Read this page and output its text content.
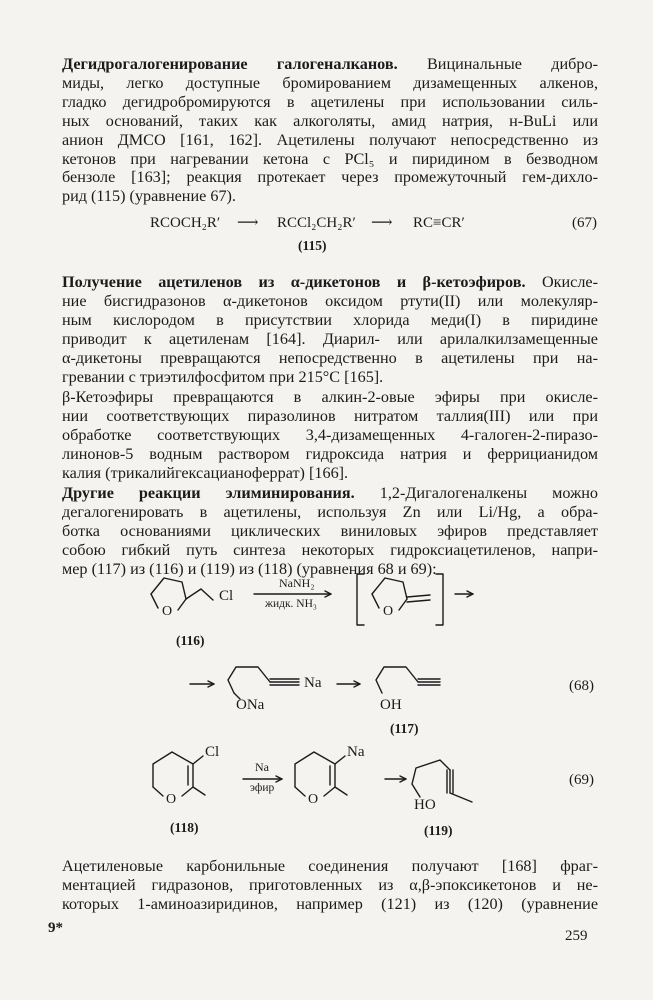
Дегидрогалогенирование галогеналканов. Вицинальные дибро-
миды, легко доступные бромированием дизамещенных алкенов,
гладко дегидробромируются в ацетилены при использовании силь-
ных оснований, таких как алкоголяты, амид натрия, н-BuLi или
анион ДМСО [161, 162]. Ацетилены получают непосредственно из
кетонов при нагревании кетона с PCl₅ и пиридином в безводном
бензоле [163]; реакция протекает через промежуточный гем-дихло-
рид (115) (уравнение 67).
RCOCH₂R′ ⟶ RCCl₂CH₂R′ ⟶ RC≡CR′
(115)
(67)
Получение ацетиленов из α-дикетонов и β-кетоэфиров. Окисле-
ние бисгидразонов α-дикетонов оксидом ртути(II) или молекуляр-
ным кислородом в присутствии хлорида меди(I) в пиридине
приводит к ацетиленам [164]. Диарил- или арилалкилзамещенные
α-дикетоны превращаются непосредственно в ацетилены при на-
гревании с триэтилфосфитом при 215°С [165].
β-Кетоэфиры превращаются в алкин-2-овые эфиры при окисле-
нии соответствующих пиразолинов нитратом таллия(III) или при
обработке соответствующих 3,4-дизамещенных 4-галоген-2-пиразо-
линонов-5 водным раствором гидроксида натрия и феррицианидом
калия (трикалийгексацианоферрат) [166].
Другие реакции элиминирования. 1,2-Дигалогеналкены можно
дегалогенировать в ацетилены, используя Zn или Li/Hg, а обра-
ботка основаниями циклических виниловых эфиров представляет
собою гибкий путь синтеза некоторых гидроксиацетиленов, напри-
мер (117) из (116) и (119) из (118) (уравнения 68 и 69):
Cl
O
NaNH₂
жидк. NH₃	O
(116)
Na
ONa	OH
(117)
(68)
Cl
O
Na
эфир
Na
O	HO
(118)	(119)
(69)
Ацетиленовые карбонильные соединения получают [168] фраг-
ментацией гидразонов, приготовленных из α,β-эпоксикетонов и не-
которых 1-аминоазиридинов, например (121) из (120) (уравнение
9*	259
